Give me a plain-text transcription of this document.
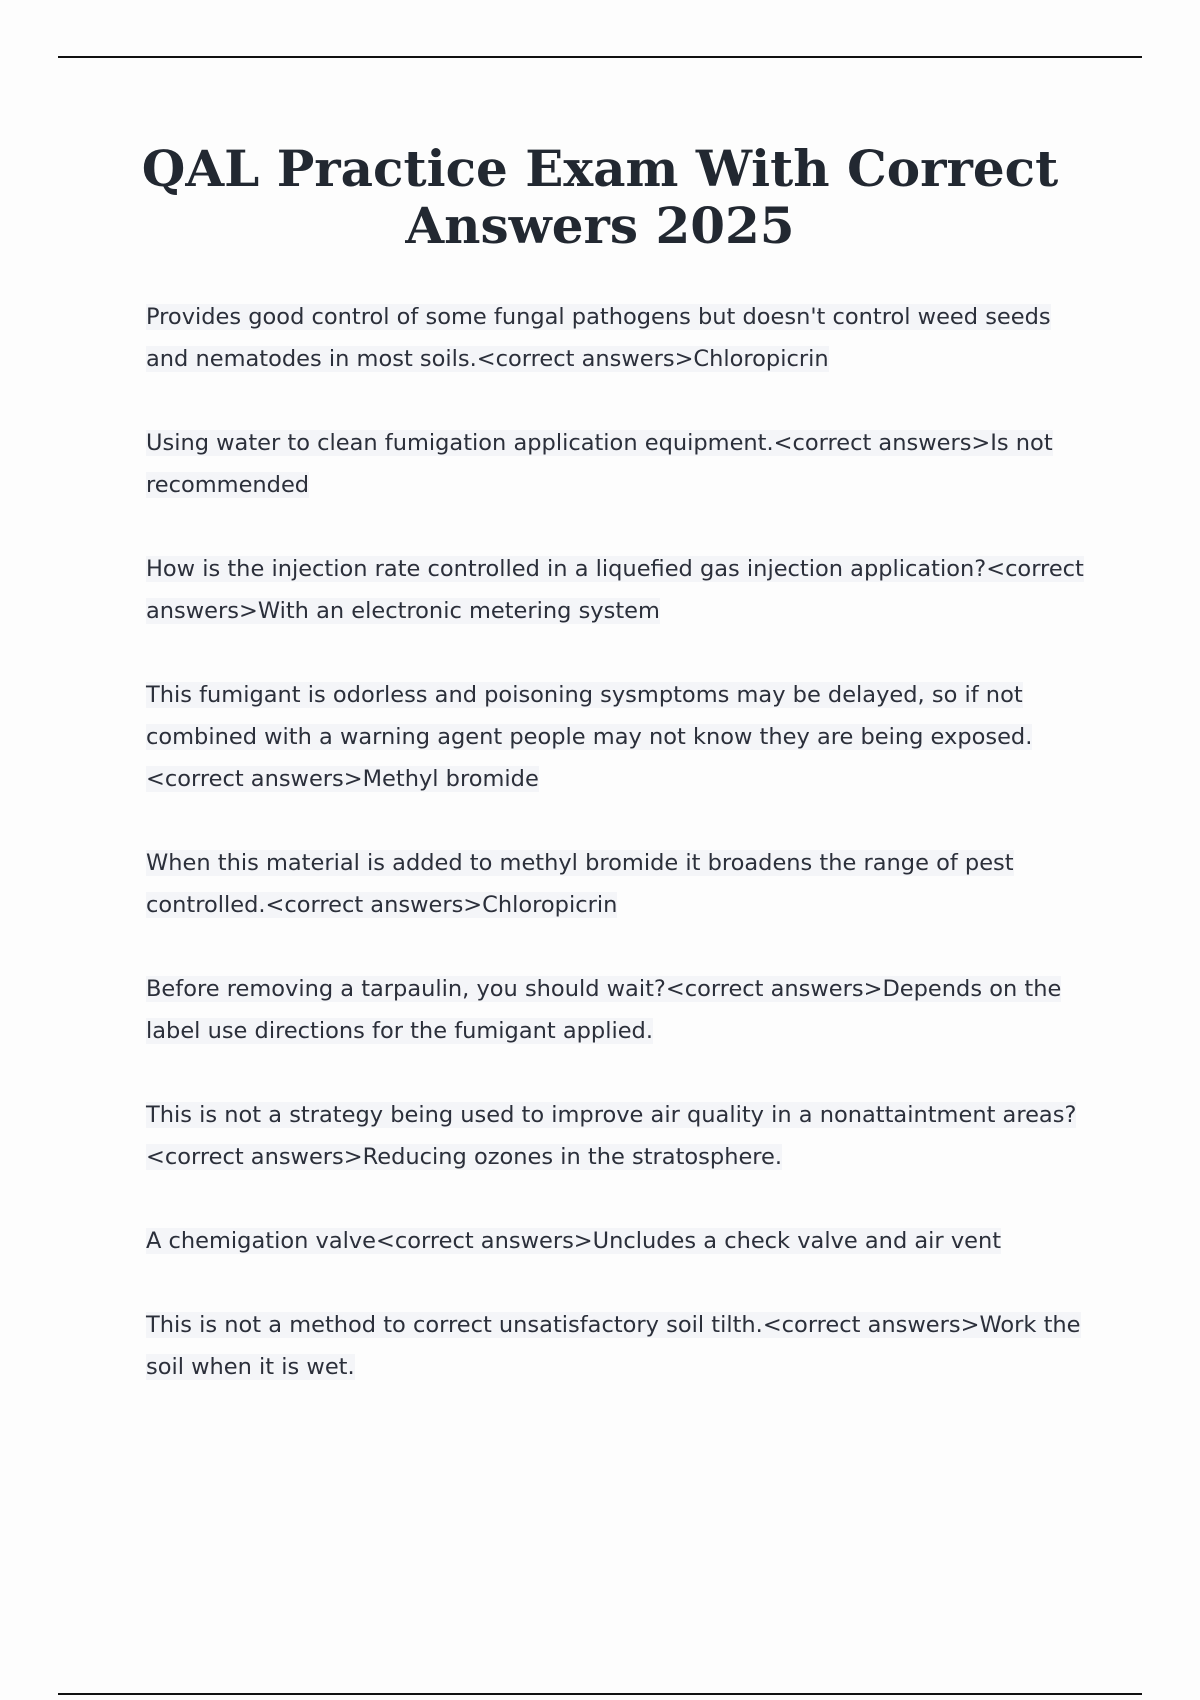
QAL Practice Exam With Correct Answers 2025

Provides good control of some fungal pathogens but doesn't control weed seeds and nematodes in most soils.<correct answers>Chloropicrin

Using water to clean fumigation application equipment.<correct answers>Is not recommended

How is the injection rate controlled in a liquefied gas injection application?<correct answers>With an electronic metering system

This fumigant is odorless and poisoning sysmptoms may be delayed, so if not combined with a warning agent people may not know they are being exposed.<correct answers>Methyl bromide

When this material is added to methyl bromide it broadens the range of pest controlled.<correct answers>Chloropicrin

Before removing a tarpaulin, you should wait?<correct answers>Depends on the label use directions for the fumigant applied.

This is not a strategy being used to improve air quality in a nonattaintment areas?<correct answers>Reducing ozones in the stratosphere.

A chemigation valve<correct answers>Uncludes a check valve and air vent

This is not a method to correct unsatisfactory soil tilth.<correct answers>Work the soil when it is wet.
